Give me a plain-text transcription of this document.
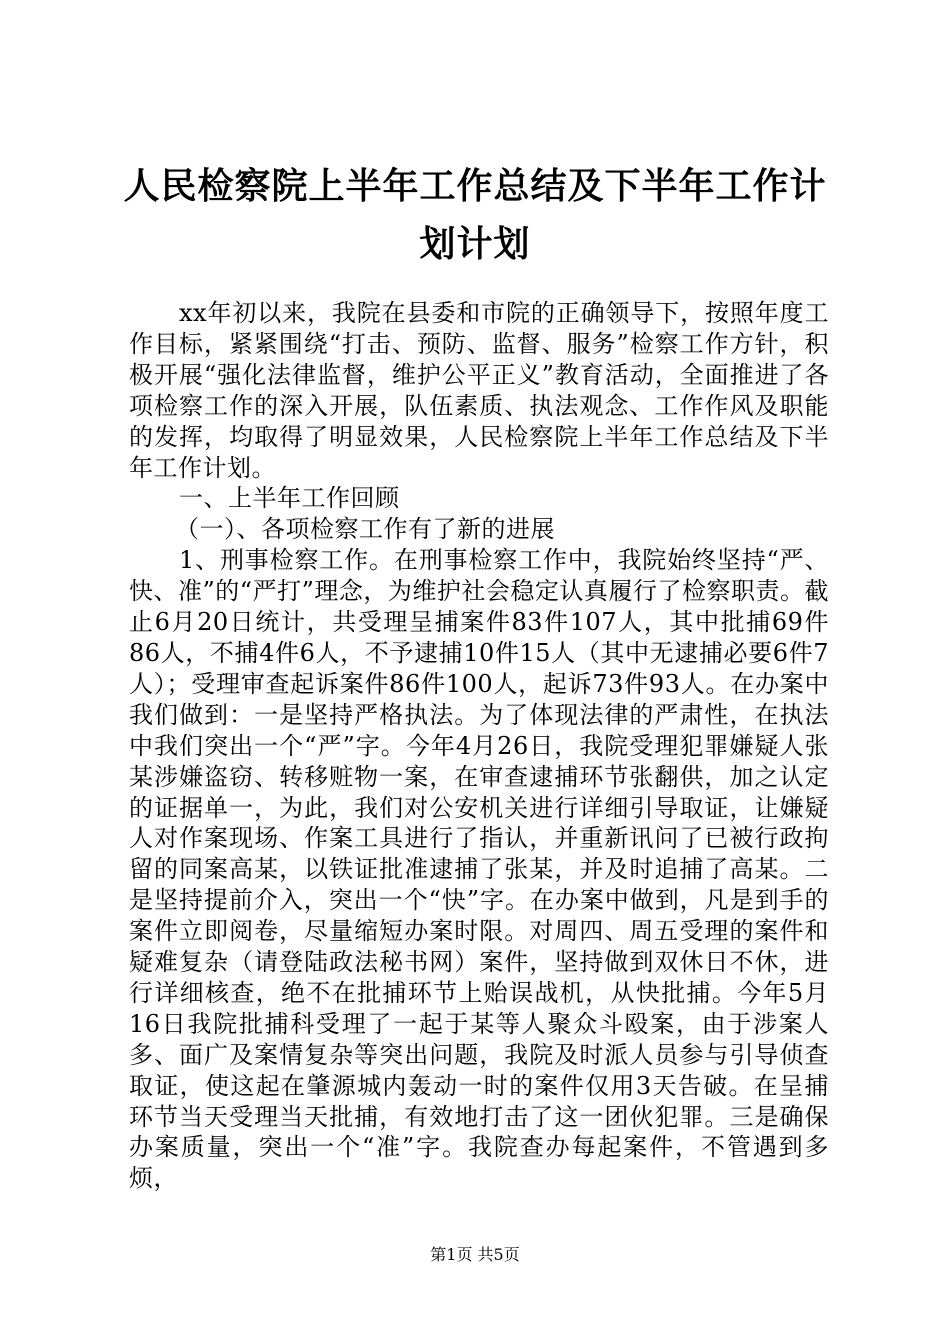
人民检察院上半年工作总结及下半年工作计划计划

xx年初以来，我院在县委和市院的正确领导下，按照年度工作目标，紧紧围绕“打击、预防、监督、服务”检察工作方针，积极开展“强化法律监督，维护公平正义”教育活动，全面推进了各项检察工作的深入开展，队伍素质、执法观念、工作作风及职能的发挥，均取得了明显效果，人民检察院上半年工作总结及下半年工作计划。

一、上半年工作回顾

（一）、各项检察工作有了新的进展

1、刑事检察工作。在刑事检察工作中，我院始终坚持“严、快、准”的“严打”理念，为维护社会稳定认真履行了检察职责。截止6月20日统计，共受理呈捕案件83件107人，其中批捕69件86人，不捕4件6人，不予逮捕10件15人（其中无逮捕必要6件7人）；受理审查起诉案件86件100人，起诉73件93人。在办案中我们做到：一是坚持严格执法。为了体现法律的严肃性，在执法中我们突出一个“严”字。今年4月26日，我院受理犯罪嫌疑人张某涉嫌盗窃、转移赃物一案，在审查逮捕环节张翻供，加之认定的证据单一，为此，我们对公安机关进行详细引导取证，让嫌疑人对作案现场、作案工具进行了指认，并重新讯问了已被行政拘留的同案高某，以铁证批准逮捕了张某，并及时追捕了高某。二是坚持提前介入，突出一个“快”字。在办案中做到，凡是到手的案件立即阅卷，尽量缩短办案时限。对周四、周五受理的案件和疑难复杂（请登陆政法秘书网）案件，坚持做到双休日不休，进行详细核查，绝不在批捕环节上贻误战机，从快批捕。今年5月16日我院批捕科受理了一起于某等人聚众斗殴案，由于涉案人多、面广及案情复杂等突出问题，我院及时派人员参与引导侦查取证，使这起在肇源城内轰动一时的案件仅用3天告破。在呈捕环节当天受理当天批捕，有效地打击了这一团伙犯罪。三是确保办案质量，突出一个“准”字。我院查办每起案件，不管遇到多烦，

第1页 共5页
